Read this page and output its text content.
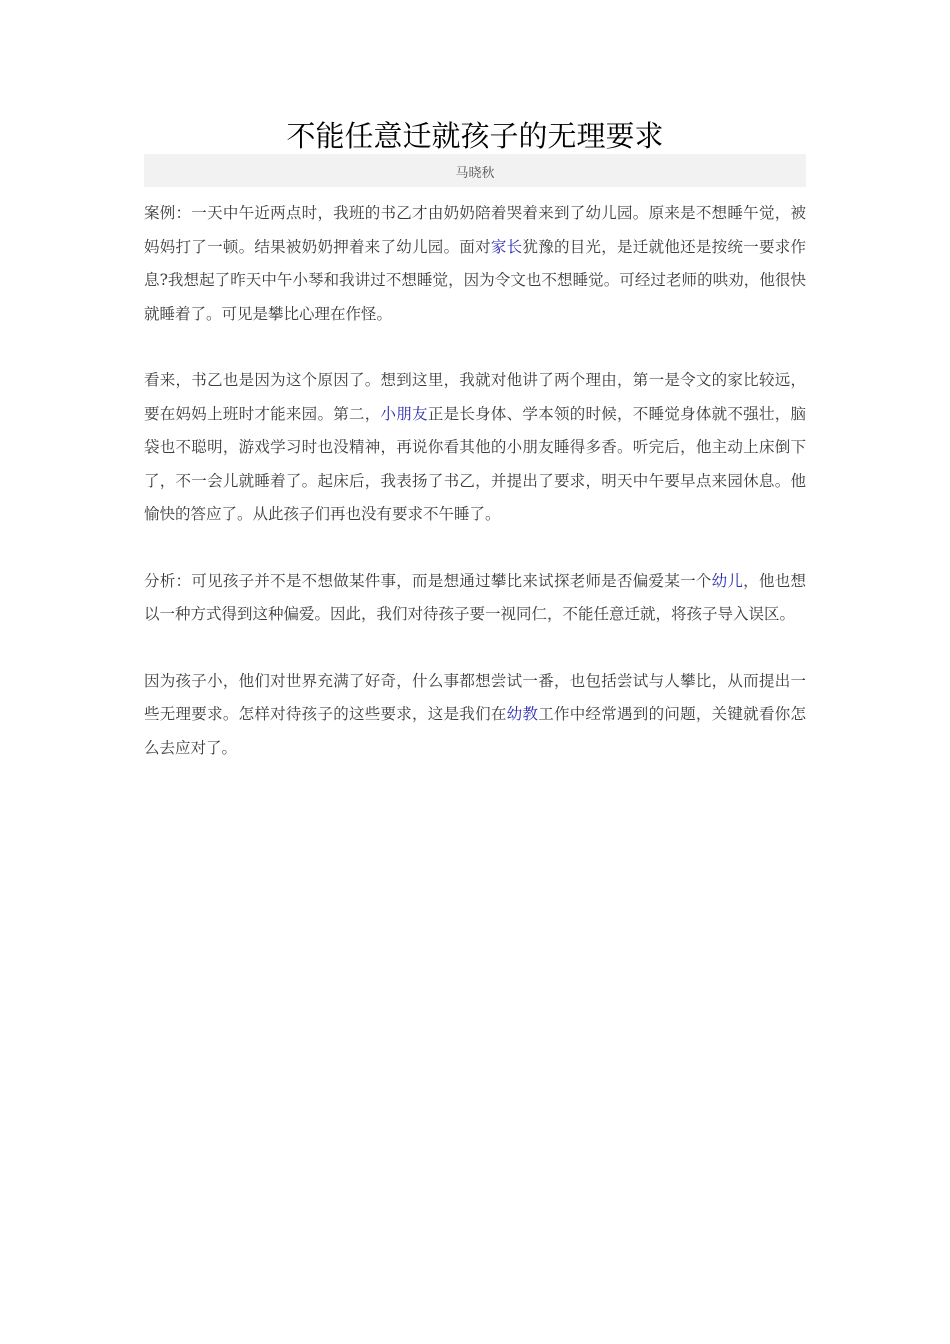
不能任意迁就孩子的无理要求
马晓秋

案例：一天中午近两点时，我班的书乙才由奶奶陪着哭着来到了幼儿园。原来是不想睡午觉，被妈妈打了一顿。结果被奶奶押着来了幼儿园。面对家长犹豫的目光，是迁就他还是按统一要求作息?我想起了昨天中午小琴和我讲过不想睡觉，因为令文也不想睡觉。可经过老师的哄劝，他很快就睡着了。可见是攀比心理在作怪。

看来，书乙也是因为这个原因了。想到这里，我就对他讲了两个理由，第一是令文的家比较远，要在妈妈上班时才能来园。第二，小朋友正是长身体、学本领的时候，不睡觉身体就不强壮，脑袋也不聪明，游戏学习时也没精神，再说你看其他的小朋友睡得多香。听完后，他主动上床倒下了，不一会儿就睡着了。起床后，我表扬了书乙，并提出了要求，明天中午要早点来园休息。他愉快的答应了。从此孩子们再也没有要求不午睡了。

分析：可见孩子并不是不想做某件事，而是想通过攀比来试探老师是否偏爱某一个幼儿，他也想以一种方式得到这种偏爱。因此，我们对待孩子要一视同仁，不能任意迁就，将孩子导入误区。

因为孩子小，他们对世界充满了好奇，什么事都想尝试一番，也包括尝试与人攀比，从而提出一些无理要求。怎样对待孩子的这些要求，这是我们在幼教工作中经常遇到的问题，关键就看你怎么去应对了。
